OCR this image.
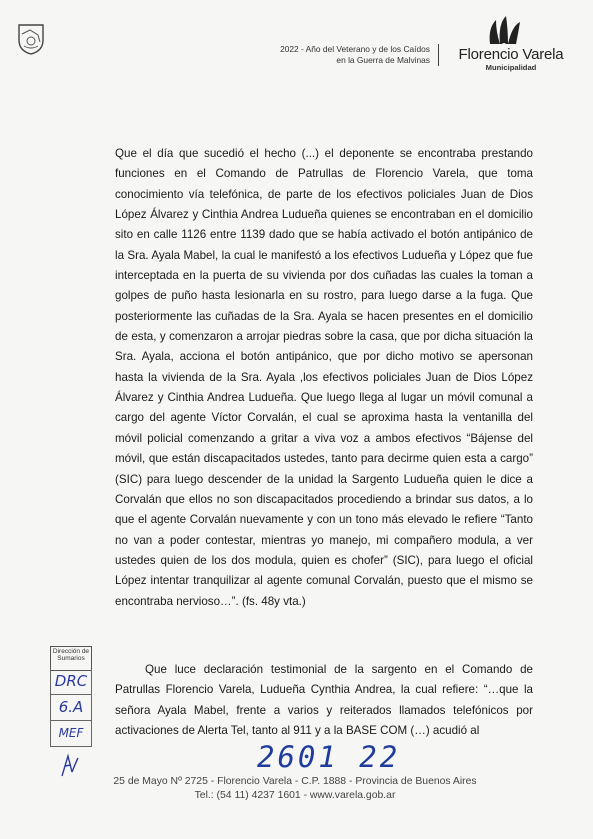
2022 - Año del Veterano y de los Caídos
en la Guerra de Malvinas	Florencio Varela
Municipalidad
Que el día que sucedió el hecho (...) el deponente se encontraba prestando funciones en el Comando de Patrullas de Florencio Varela, que toma conocimiento vía telefónica, de parte de los efectivos policiales Juan de Dios López Álvarez y Cinthia Andrea Ludueña quienes se encontraban en el domicilio sito en calle 1126 entre 1139 dado que se había activado el botón antipánico de la Sra. Ayala Mabel, la cual le manifestó a los efectivos Ludueña y López que fue interceptada en la puerta de su vivienda por dos cuñadas las cuales la toman a golpes de puño hasta lesionarla en su rostro, para luego darse a la fuga. Que posteriormente las cuñadas de la Sra. Ayala se hacen presentes en el domicilio de esta, y comenzaron a arrojar piedras sobre la casa, que por dicha situación la Sra. Ayala, acciona el botón antipánico, que por dicho motivo se apersonan hasta la vivienda de la Sra. Ayala ,los efectivos policiales Juan de Dios López Álvarez y Cinthia Andrea Ludueña. Que luego llega al lugar un móvil comunal a cargo del agente Víctor Corvalán, el cual se aproxima hasta la ventanilla del móvil policial comenzando a gritar a viva voz a ambos efectivos “Bájense del móvil, que están discapacitados ustedes, tanto para decirme quien esta a cargo” (SIC) para luego descender de la unidad la Sargento Ludueña quien le dice a Corvalán que ellos no son discapacitados procediendo a brindar sus datos, a lo que el agente Corvalán nuevamente y con un tono más elevado le refiere “Tanto no van a poder contestar, mientras yo manejo, mi compañero modula, a ver ustedes quien de los dos modula, quien es chofer” (SIC), para luego el oficial López intentar tranquilizar al agente comunal Corvalán, puesto que el mismo se encontraba nervioso…”. (fs. 48y vta.)
Que luce declaración testimonial de la sargento en el Comando de Patrullas Florencio Varela, Ludueña Cynthia Andrea, la cual refiere: “…que la señora Ayala Mabel, frente a varios y reiterados llamados telefónicos por activaciones de Alerta Tel, tanto al 911 y a la BASE COM (…) acudió al
Dirección de Sumarios
DRC
6.A
MEF
2601 22
25 de Mayo Nº 2725 - Florencio Varela - C.P. 1888 - Provincia de Buenos Aires
Tel.: (54 11) 4237 1601 - www.varela.gob.ar
